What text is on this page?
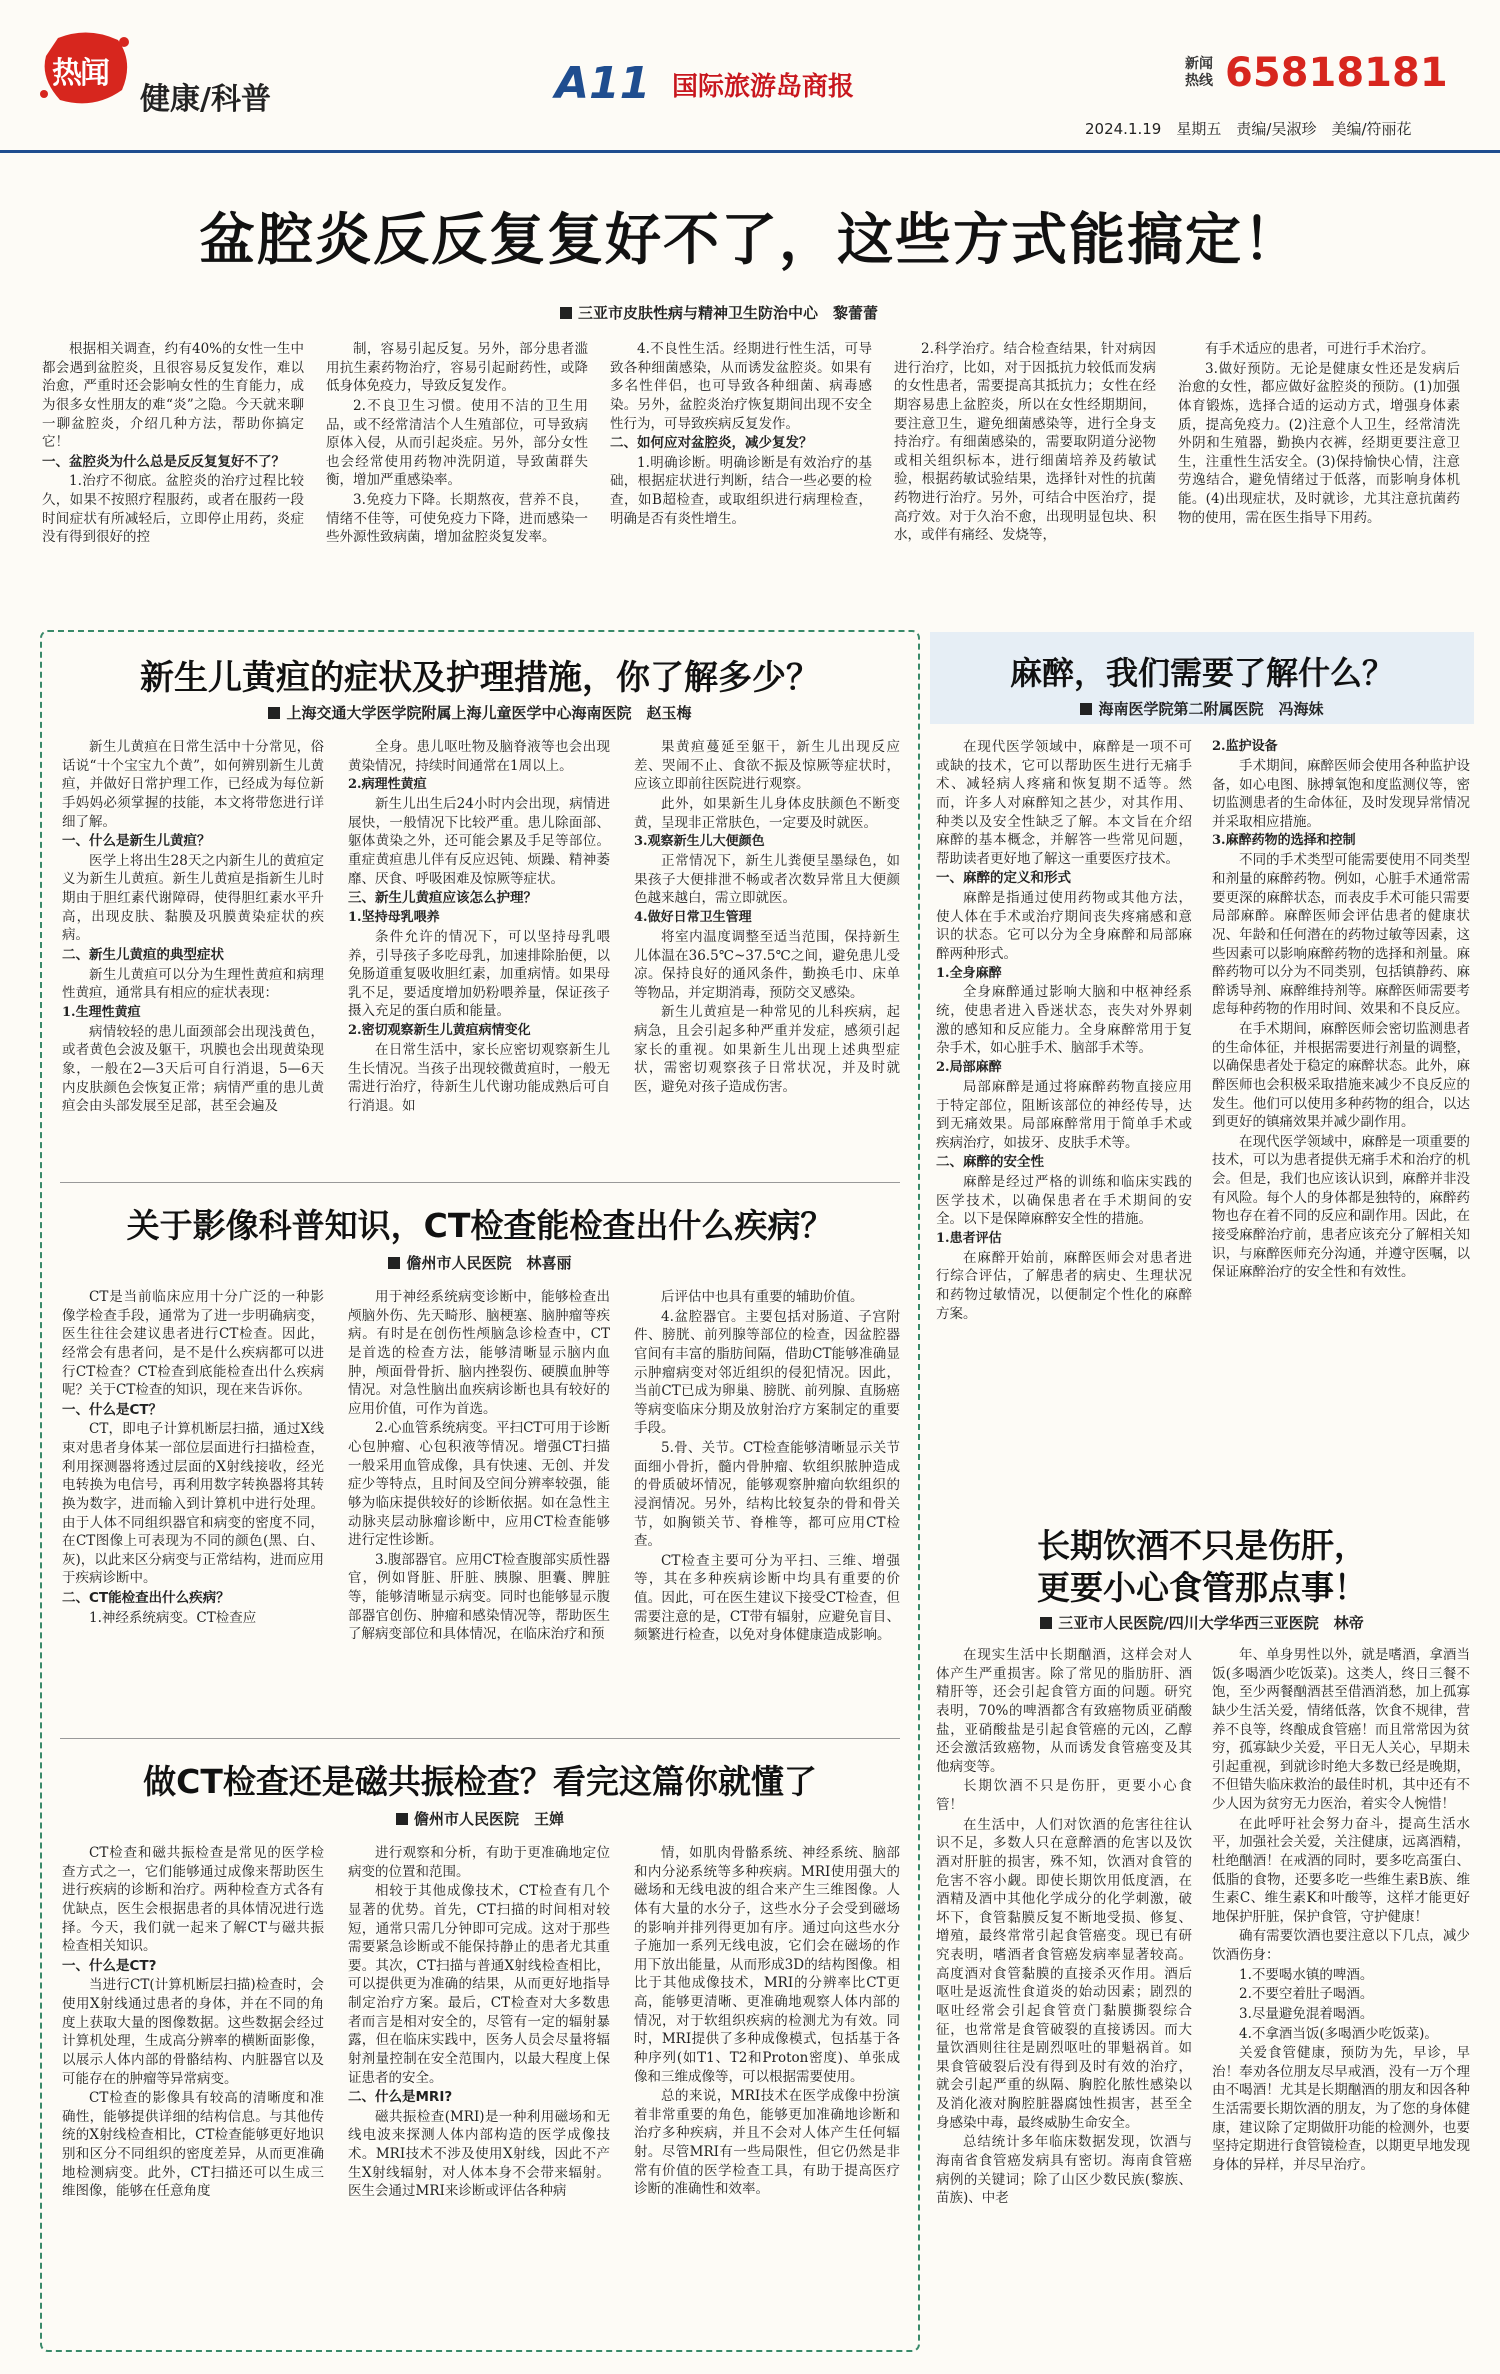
热闻
健康/科普	A11 国际旅游岛商报
新闻热线 65818181
2024.1.19　 星期五　 责编/吴淑珍　 美编/符丽花
盆腔炎反反复复好不了，这些方式能搞定！
三亚市皮肤性病与精神卫生防治中心　黎蕾蕾

根据相关调查，约有40%的女性一生中都会遇到盆腔炎，且很容易反复发作，难以治愈，严重时还会影响女性的生育能力，成为很多女性朋友的难“炎”之隐。今天就来聊一聊盆腔炎，介绍几种方法，帮助你搞定它！

一、盆腔炎为什么总是反反复复好不了？

1.治疗不彻底。盆腔炎的治疗过程比较久，如果不按照疗程服药，或者在服药一段时间症状有所减轻后，立即停止用药，炎症没有得到很好的控

制，容易引起反复。另外，部分患者滥用抗生素药物治疗，容易引起耐药性，或降低身体免疫力，导致反复发作。

2.不良卫生习惯。使用不洁的卫生用品，或不经常清洁个人生殖部位，可导致病原体入侵，从而引起炎症。另外，部分女性也会经常使用药物冲洗阴道，导致菌群失衡，增加严重感染率。

3.免疫力下降。长期熬夜，营养不良，情绪不佳等，可使免疫力下降，进而感染一些外源性致病菌，增加盆腔炎复发率。

4.不良性生活。经期进行性生活，可导致各种细菌感染，从而诱发盆腔炎。如果有多名性伴侣，也可导致各种细菌、病毒感染。另外，盆腔炎治疗恢复期间出现不安全性行为，可导致疾病反复发作。

二、如何应对盆腔炎，减少复发？

1.明确诊断。明确诊断是有效治疗的基础，根据症状进行判断，结合一些必要的检查，如B超检查，或取组织进行病理检查，明确是否有炎性增生。

2.科学治疗。结合检查结果，针对病因进行治疗，比如，对于因抵抗力较低而发病的女性患者，需要提高其抵抗力；女性在经期容易患上盆腔炎，所以在女性经期期间，要注意卫生，避免细菌感染等，进行全身支持治疗。有细菌感染的，需要取阴道分泌物或相关组织标本，进行细菌培养及药敏试验，根据药敏试验结果，选择针对性的抗菌药物进行治疗。另外，可结合中医治疗，提高疗效。对于久治不愈，出现明显包块、积水，或伴有痛经、发烧等，

有手术适应的患者，可进行手术治疗。

3.做好预防。无论是健康女性还是发病后治愈的女性，都应做好盆腔炎的预防。(1)加强体育锻炼，选择合适的运动方式，增强身体素质，提高免疫力。(2)注意个人卫生，经常清洗外阴和生殖器，勤换内衣裤，经期更要注意卫生，注重性生活安全。(3)保持愉快心情，注意劳逸结合，避免情绪过于低落，而影响身体机能。(4)出现症状，及时就诊，尤其注意抗菌药物的使用，需在医生指导下用药。

新生儿黄疸的症状及护理措施，你了解多少？
上海交通大学医学院附属上海儿童医学中心海南医院　赵玉梅

新生儿黄疸在日常生活中十分常见，俗话说“十个宝宝九个黄”，如何辨别新生儿黄疸，并做好日常护理工作，已经成为每位新手妈妈必须掌握的技能，本文将带您进行详细了解。

一、什么是新生儿黄疸？

医学上将出生28天之内新生儿的黄疸定义为新生儿黄疸。新生儿黄疸是指新生儿时期由于胆红素代谢障碍，使得胆红素水平升高，出现皮肤、黏膜及巩膜黄染症状的疾病。

二、新生儿黄疸的典型症状

新生儿黄疸可以分为生理性黄疸和病理性黄疸，通常具有相应的症状表现：

1.生理性黄疸

病情较轻的患儿面颈部会出现浅黄色，或者黄色会波及躯干，巩膜也会出现黄染现象，一般在2—3天后可自行消退，5—6天内皮肤颜色会恢复正常；病情严重的患儿黄疸会由头部发展至足部，甚至会遍及

全身。患儿呕吐物及脑脊液等也会出现黄染情况，持续时间通常在1周以上。

2.病理性黄疸

新生儿出生后24小时内会出现，病情进展快，一般情况下比较严重。患儿除面部、躯体黄染之外，还可能会累及手足等部位。重症黄疸患儿伴有反应迟钝、烦躁、精神萎靡、厌食、呼吸困难及惊厥等症状。

三、新生儿黄疸应该怎么护理？

1.坚持母乳喂养

条件允许的情况下，可以坚持母乳喂养，引导孩子多吃母乳，加速排除胎便，以免肠道重复吸收胆红素，加重病情。如果母乳不足，要适度增加奶粉喂养量，保证孩子摄入充足的蛋白质和能量。

2.密切观察新生儿黄疸病情变化

在日常生活中，家长应密切观察新生儿生长情况。当孩子出现较微黄疸时，一般无需进行治疗，待新生儿代谢功能成熟后可自行消退。如

果黄疸蔓延至躯干，新生儿出现反应差、哭闹不止、食欲不振及惊厥等症状时，应该立即前往医院进行观察。

此外，如果新生儿身体皮肤颜色不断变黄，呈现非正常肤色，一定要及时就医。

3.观察新生儿大便颜色

正常情况下，新生儿粪便呈墨绿色，如果孩子大便排泄不畅或者次数异常且大便颜色越来越白，需立即就医。

4.做好日常卫生管理

将室内温度调整至适当范围，保持新生儿体温在36.5℃~37.5℃之间，避免患儿受凉。保持良好的通风条件，勤换毛巾、床单等物品，并定期消毒，预防交叉感染。

新生儿黄疸是一种常见的儿科疾病，起病急，且会引起多种严重并发症，感须引起家长的重视。如果新生儿出现上述典型症状，需密切观察孩子日常状况，并及时就医，避免对孩子造成伤害。

关于影像科普知识，CT检查能检查出什么疾病？
儋州市人民医院　林喜丽

CT是当前临床应用十分广泛的一种影像学检查手段，通常为了进一步明确病变，医生往往会建议患者进行CT检查。因此，经常会有患者问，是不是什么疾病都可以进行CT检查？CT检查到底能检查出什么疾病呢？关于CT检查的知识，现在来告诉你。

一、什么是CT？

CT，即电子计算机断层扫描，通过X线束对患者身体某一部位层面进行扫描检查，利用探测器将透过层面的X射线接收，经光电转换为电信号，再利用数字转换器将其转换为数字，进而输入到计算机中进行处理。由于人体不同组织器官和病变的密度不同，在CT图像上可表现为不同的颜色(黑、白、灰)，以此来区分病变与正常结构，进而应用于疾病诊断中。

二、CT能检查出什么疾病？

1.神经系统病变。CT检查应

用于神经系统病变诊断中，能够检查出颅脑外伤、先天畸形、脑梗塞、脑肿瘤等疾病。有时是在创伤性颅脑急诊检查中，CT是首选的检查方法，能够清晰显示脑内血肿，颅面骨骨折、脑内挫裂伤、硬膜血肿等情况。对急性脑出血疾病诊断也具有较好的应用价值，可作为首选。

2.心血管系统病变。平扫CT可用于诊断心包肿瘤、心包积液等情况。增强CT扫描一般采用血管成像，具有快速、无创、并发症少等特点，且时间及空间分辨率较强，能够为临床提供较好的诊断依据。如在急性主动脉夹层动脉瘤诊断中，应用CT检查能够进行定性诊断。

3.腹部器官。应用CT检查腹部实质性器官，例如肾脏、肝脏、胰腺、胆囊、脾脏等，能够清晰显示病变。同时也能够显示腹部器官创伤、肿瘤和感染情况等，帮助医生了解病变部位和具体情况，在临床治疗和预

后评估中也具有重要的辅助价值。

4.盆腔器官。主要包括对肠道、子宫附件、膀胱、前列腺等部位的检查，因盆腔器官间有丰富的脂肪间隔，借助CT能够准确显示肿瘤病变对邻近组织的侵犯情况。因此，当前CT已成为卵巢、膀胱、前列腺、直肠癌等病变临床分期及放射治疗方案制定的重要手段。

5.骨、关节。CT检查能够清晰显示关节面细小骨折，髓内骨肿瘤、软组织脓肿造成的骨质破坏情况，能够观察肿瘤向软组织的浸润情况。另外，结构比较复杂的骨和骨关节，如胸锁关节、脊椎等，都可应用CT检查。

CT检查主要可分为平扫、三维、增强等，其在多种疾病诊断中均具有重要的价值。因此，可在医生建议下接受CT检查，但需要注意的是，CT带有辐射，应避免盲目、频繁进行检查，以免对身体健康造成影响。

做CT检查还是磁共振检查？看完这篇你就懂了
儋州市人民医院　王婵

CT检查和磁共振检查是常见的医学检查方式之一，它们能够通过成像来帮助医生进行疾病的诊断和治疗。两种检查方式各有优缺点，医生会根据患者的具体情况进行选择。今天，我们就一起来了解CT与磁共振检查相关知识。

一、什么是CT?

当进行CT(计算机断层扫描)检查时，会使用X射线通过患者的身体，并在不同的角度上获取大量的图像数据。这些数据会经过计算机处理，生成高分辨率的横断面影像，以展示人体内部的骨骼结构、内脏器官以及可能存在的肿瘤等异常病变。

CT检查的影像具有较高的清晰度和准确性，能够提供详细的结构信息。与其他传统的X射线检查相比，CT检查能够更好地识别和区分不同组织的密度差异，从而更准确地检测病变。此外，CT扫描还可以生成三维图像，能够在任意角度

进行观察和分析，有助于更准确地定位病变的位置和范围。

相较于其他成像技术，CT检查有几个显著的优势。首先，CT扫描的时间相对较短，通常只需几分钟即可完成。这对于那些需要紧急诊断或不能保持静止的患者尤其重要。其次，CT扫描与普通X射线检查相比，可以提供更为准确的结果，从而更好地指导制定治疗方案。最后，CT检查对大多数患者而言是相对安全的，尽管有一定的辐射暴露，但在临床实践中，医务人员会尽量将辐射剂量控制在安全范围内，以最大程度上保证患者的安全。

二、什么是MRI?

磁共振检查(MRI)是一种利用磁场和无线电波来探测人体内部构造的医学成像技术。MRI技术不涉及使用X射线，因此不产生X射线辐射，对人体本身不会带来辐射。医生会通过MRI来诊断或评估各种病

情，如肌肉骨骼系统、神经系统、脑部和内分泌系统等多种疾病。MRI使用强大的磁场和无线电波的组合来产生三维图像。人体有大量的水分子，这些水分子会受到磁场的影响并排列得更加有序。通过向这些水分子施加一系列无线电波，它们会在磁场的作用下放出能量，从而形成3D的结构图像。相比于其他成像技术，MRI的分辨率比CT更高，能够更清晰、更准确地观察人体内部的情况，对于软组织疾病的检测尤为有效。同时，MRI提供了多种成像模式，包括基于各种序列(如T1、T2和Proton密度)、单张成像和三维成像等，可以根据需要使用。

总的来说，MRI技术在医学成像中扮演着非常重要的角色，能够更加准确地诊断和治疗多种疾病，并且不会对人体产生任何辐射。尽管MRI有一些局限性，但它仍然是非常有价值的医学检查工具，有助于提高医疗诊断的准确性和效率。

麻醉，我们需要了解什么？
海南医学院第二附属医院　冯海妹

在现代医学领域中，麻醉是一项不可或缺的技术，它可以帮助医生进行无痛手术、减轻病人疼痛和恢复期不适等。然而，许多人对麻醉知之甚少，对其作用、种类以及安全性缺乏了解。本文旨在介绍麻醉的基本概念，并解答一些常见问题，帮助读者更好地了解这一重要医疗技术。

一、麻醉的定义和形式

麻醉是指通过使用药物或其他方法，使人体在手术或治疗期间丧失疼痛感和意识的状态。它可以分为全身麻醉和局部麻醉两种形式。

1.全身麻醉

全身麻醉通过影响大脑和中枢神经系统，使患者进入昏迷状态，丧失对外界刺激的感知和反应能力。全身麻醉常用于复杂手术，如心脏手术、脑部手术等。

2.局部麻醉

局部麻醉是通过将麻醉药物直接应用于特定部位，阻断该部位的神经传导，达到无痛效果。局部麻醉常用于简单手术或疾病治疗，如拔牙、皮肤手术等。

二、麻醉的安全性

麻醉是经过严格的训练和临床实践的医学技术，以确保患者在手术期间的安全。以下是保障麻醉安全性的措施。

1.患者评估

在麻醉开始前，麻醉医师会对患者进行综合评估，了解患者的病史、生理状况和药物过敏情况，以便制定个性化的麻醉方案。

2.监护设备

手术期间，麻醉医师会使用各种监护设备，如心电图、脉搏氧饱和度监测仪等，密切监测患者的生命体征，及时发现异常情况并采取相应措施。

3.麻醉药物的选择和控制

不同的手术类型可能需要使用不同类型和剂量的麻醉药物。例如，心脏手术通常需要更深的麻醉状态，而表皮手术可能只需要局部麻醉。麻醉医师会评估患者的健康状况、年龄和任何潜在的药物过敏等因素，这些因素可以影响麻醉药物的选择和剂量。麻醉药物可以分为不同类别，包括镇静药、麻醉诱导剂、麻醉维持剂等。麻醉医师需要考虑每种药物的作用时间、效果和不良反应。

在手术期间，麻醉医师会密切监测患者的生命体征，并根据需要进行剂量的调整，以确保患者处于稳定的麻醉状态。此外，麻醉医师也会积极采取措施来减少不良反应的发生。他们可以使用多种药物的组合，以达到更好的镇痛效果并减少副作用。

在现代医学领域中，麻醉是一项重要的技术，可以为患者提供无痛手术和治疗的机会。但是，我们也应该认识到，麻醉并非没有风险。每个人的身体都是独特的，麻醉药物也存在着不同的反应和副作用。因此，在接受麻醉治疗前，患者应该充分了解相关知识，与麻醉医师充分沟通，并遵守医嘱，以保证麻醉治疗的安全性和有效性。

长期饮酒不只是伤肝，
更要小心食管那点事！
三亚市人民医院/四川大学华西三亚医院　林帝

在现实生活中长期酗酒，这样会对人体产生严重损害。除了常见的脂肪肝、酒精肝等，还会引起食管方面的问题。研究表明，70%的啤酒都含有致癌物质亚硝酸盐，亚硝酸盐是引起食管癌的元凶，乙醇还会激活致癌物，从而诱发食管癌变及其他病变等。

长期饮酒不只是伤肝，更要小心食管！

在生活中，人们对饮酒的危害往往认识不足，多数人只在意醉酒的危害以及饮酒对肝脏的损害，殊不知，饮酒对食管的危害不容小觑。即使长期饮用低度酒，在酒精及酒中其他化学成分的化学刺激，破坏下，食管黏膜反复不断地受损、修复、增殖，最终常常引起食管癌变。现已有研究表明，嗜酒者食管癌发病率显著较高。高度酒对食管黏膜的直接杀灭作用。酒后呕吐是返流性食道炎的始动因素；剧烈的呕吐经常会引起食管贲门黏膜撕裂综合征，也常常是食管破裂的直接诱因。而大量饮酒则往往是剧烈呕吐的罪魁祸首。如果食管破裂后没有得到及时有效的治疗，就会引起严重的纵隔、胸腔化脓性感染以及消化液对胸腔脏器腐蚀性损害，甚至全身感染中毒，最终威胁生命安全。

总结统计多年临床数据发现，饮酒与海南省食管癌发病具有密切。海南食管癌病例的关键词；除了山区少数民族(黎族、苗族)、中老

年、单身男性以外，就是嗜酒，拿酒当饭(多喝酒少吃饭菜)。这类人，终日三餐不饱，至少两餐酗酒甚至借酒消愁，加上孤寡缺少生活关爱，情绪低落，饮食不规律，营养不良等，终酿成食管癌！而且常常因为贫穷，孤寡缺少关爱，平日无人关心，早期未引起重视，到就诊时绝大多数已经是晚期，不但错失临床救治的最佳时机，其中还有不少人因为贫穷无力医治，着实令人惋惜！

在此呼吁社会努力奋斗，提高生活水平，加强社会关爱，关注健康，远离酒精，杜绝酗酒！在戒酒的同时，要多吃高蛋白、低脂的食物，还要多吃一些维生素B族、维生素C、维生素K和叶酸等，这样才能更好地保护肝脏，保护食管，守护健康！

确有需要饮酒也要注意以下几点，减少饮酒伤身：

1.不要喝水镇的啤酒。

2.不要空着肚子喝酒。

3.尽量避免混着喝酒。

4.不拿酒当饭(多喝酒少吃饭菜)。

关爱食管健康，预防为先，早诊，早治！奉劝各位朋友尽早戒酒，没有一万个理由不喝酒！尤其是长期酗酒的朋友和因各种生活需要长期饮酒的朋友，为了您的身体健康，建议除了定期做肝功能的检测外，也要坚持定期进行食管镜检查，以期更早地发现身体的异样，并尽早治疗。
